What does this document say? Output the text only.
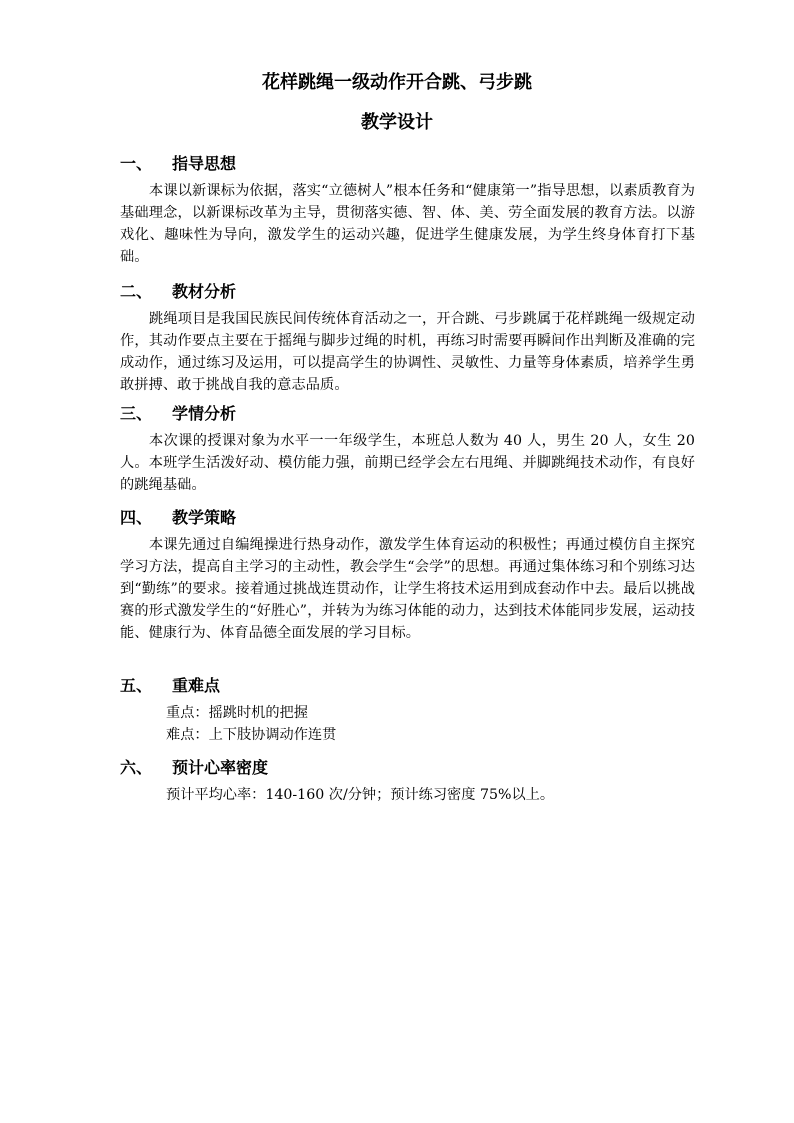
花样跳绳一级动作开合跳、弓步跳
教学设计
一、	指导思想

本课以新课标为依据，落实“立德树人”根本任务和“健康第一”指导思想，以素质教育为基础理念，以新课标改革为主导，贯彻落实德、智、体、美、劳全面发展的教育方法。以游戏化、趣味性为导向，激发学生的运动兴趣，促进学生健康发展，为学生终身体育打下基础。

二、	教材分析

跳绳项目是我国民族民间传统体育活动之一，开合跳、弓步跳属于花样跳绳一级规定动作，其动作要点主要在于摇绳与脚步过绳的时机，再练习时需要再瞬间作出判断及准确的完成动作，通过练习及运用，可以提高学生的协调性、灵敏性、力量等身体素质，培养学生勇敢拼搏、敢于挑战自我的意志品质。

三、	学情分析

本次课的授课对象为水平一一年级学生，本班总人数为 40 人，男生 20 人，女生 20 人。本班学生活泼好动、模仿能力强，前期已经学会左右甩绳、并脚跳绳技术动作，有良好的跳绳基础。

四、	教学策略

本课先通过自编绳操进行热身动作，激发学生体育运动的积极性；再通过模仿自主探究学习方法，提高自主学习的主动性，教会学生“会学”的思想。再通过集体练习和个别练习达到“勤练”的要求。接着通过挑战连贯动作，让学生将技术运用到成套动作中去。最后以挑战赛的形式激发学生的“好胜心”，并转为为练习体能的动力，达到技术体能同步发展，运动技能、健康行为、体育品德全面发展的学习目标。

五、	重难点

重点：摇跳时机的把握

难点：上下肢协调动作连贯

六、	预计心率密度

预计平均心率：140-160 次/分钟；预计练习密度 75%以上。
